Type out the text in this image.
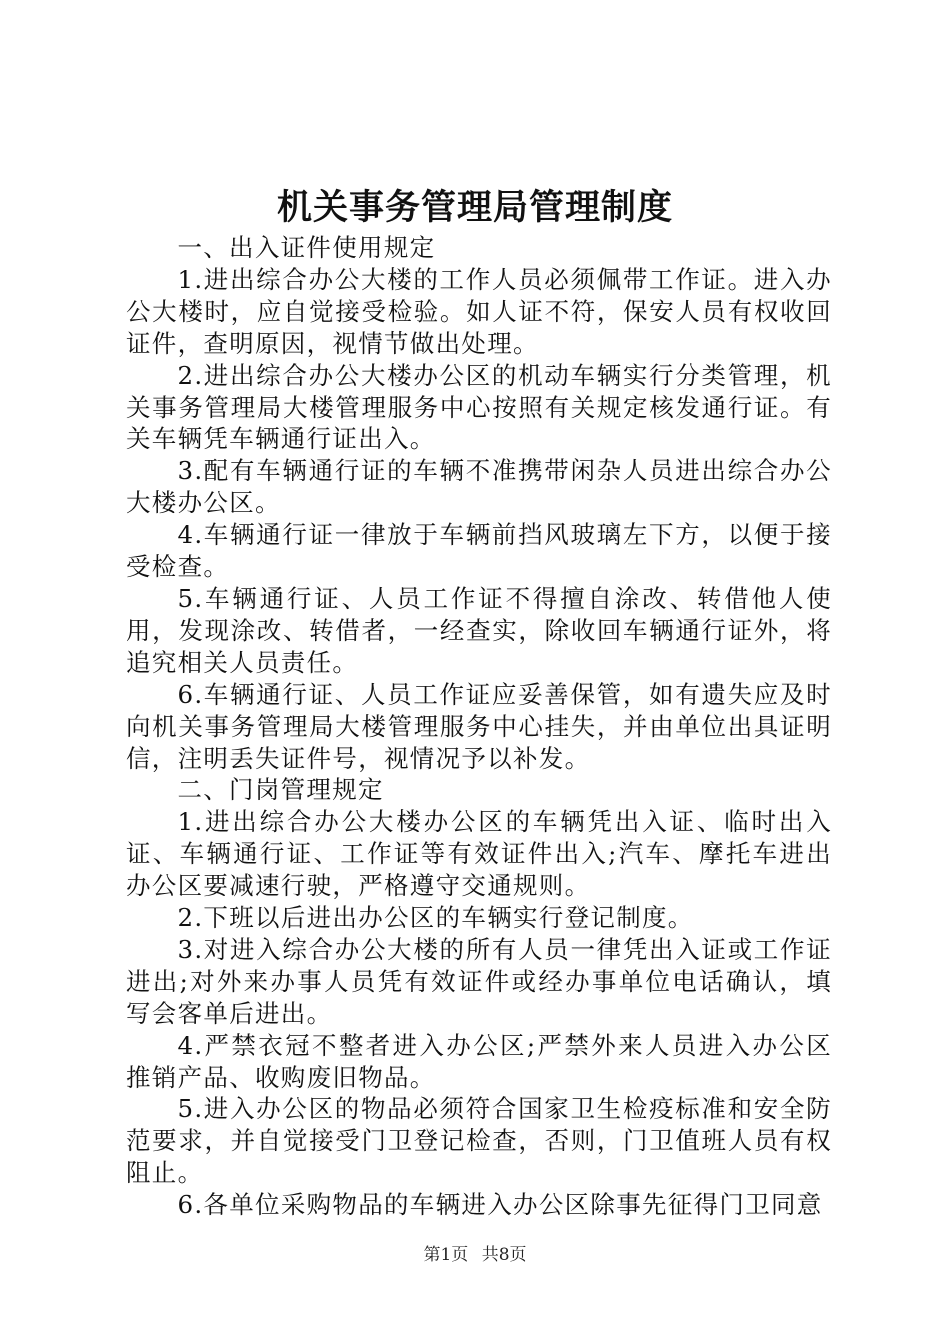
机关事务管理局管理制度

一、出入证件使用规定

1.进出综合办公大楼的工作人员必须佩带工作证。进入办公大楼时，应自觉接受检验。如人证不符，保安人员有权收回证件，查明原因，视情节做出处理。

2.进出综合办公大楼办公区的机动车辆实行分类管理，机关事务管理局大楼管理服务中心按照有关规定核发通行证。有关车辆凭车辆通行证出入。

3.配有车辆通行证的车辆不准携带闲杂人员进出综合办公大楼办公区。

4.车辆通行证一律放于车辆前挡风玻璃左下方，以便于接受检查。

5.车辆通行证、人员工作证不得擅自涂改、转借他人使用，发现涂改、转借者，一经查实，除收回车辆通行证外，将追究相关人员责任。

6.车辆通行证、人员工作证应妥善保管，如有遗失应及时向机关事务管理局大楼管理服务中心挂失，并由单位出具证明信，注明丢失证件号，视情况予以补发。

二、门岗管理规定

1.进出综合办公大楼办公区的车辆凭出入证、临时出入证、车辆通行证、工作证等有效证件出入;汽车、摩托车进出办公区要减速行驶，严格遵守交通规则。

2.下班以后进出办公区的车辆实行登记制度。

3.对进入综合办公大楼的所有人员一律凭出入证或工作证进出;对外来办事人员凭有效证件或经办事单位电话确认，填写会客单后进出。

4.严禁衣冠不整者进入办公区;严禁外来人员进入办公区推销产品、收购废旧物品。

5.进入办公区的物品必须符合国家卫生检疫标准和安全防范要求，并自觉接受门卫登记检查，否则，门卫值班人员有权阻止。

6.各单位采购物品的车辆进入办公区除事先征得门卫同意

第1页 共8页
